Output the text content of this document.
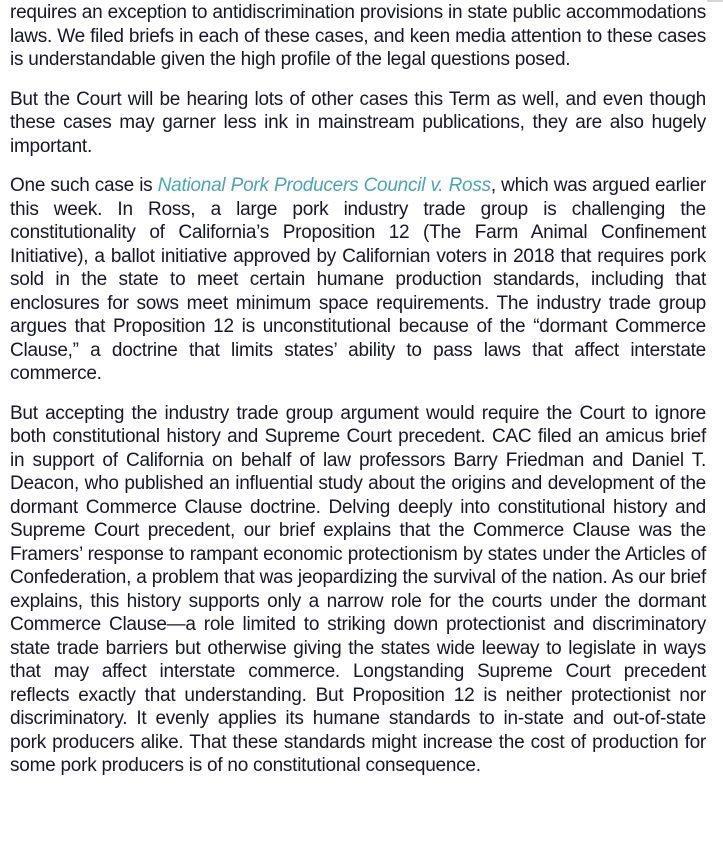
requires an exception to antidiscrimination provisions in state public accommodations laws. We filed briefs in each of these cases, and keen media attention to these cases is understandable given the high profile of the legal questions posed.

But the Court will be hearing lots of other cases this Term as well, and even though these cases may garner less ink in mainstream publications, they are also hugely important.

One such case is National Pork Producers Council v. Ross, which was argued earlier this week. In Ross, a large pork industry trade group is challenging the constitutionality of California’s Proposition 12 (The Farm Animal Confinement Initiative), a ballot initiative approved by Californian voters in 2018 that requires pork sold in the state to meet certain humane production standards, including that enclosures for sows meet minimum space requirements. The industry trade group argues that Proposition 12 is unconstitutional because of the “dormant Commerce Clause,” a doctrine that limits states’ ability to pass laws that affect interstate commerce.

But accepting the industry trade group argument would require the Court to ignore both constitutional history and Supreme Court precedent. CAC filed an amicus brief in support of California on behalf of law professors Barry Friedman and Daniel T. Deacon, who published an influential study about the origins and development of the dormant Commerce Clause doctrine. Delving deeply into constitutional history and Supreme Court precedent, our brief explains that the Commerce Clause was the Framers’ response to rampant economic protectionism by states under the Articles of Confederation, a problem that was jeopardizing the survival of the nation. As our brief explains, this history supports only a narrow role for the courts under the dormant Commerce Clause—a role limited to striking down protectionist and discriminatory state trade barriers but otherwise giving the states wide leeway to legislate in ways that may affect interstate commerce. Longstanding Supreme Court precedent reflects exactly that understanding. But Proposition 12 is neither protectionist nor discriminatory. It evenly applies its humane standards to in-state and out-of-state pork producers alike. That these standards might increase the cost of production for some pork producers is of no constitutional consequence.
